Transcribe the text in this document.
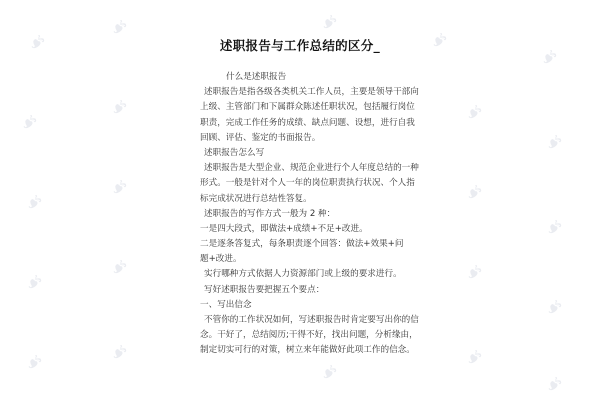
☙
☙	☙
☙
☙
☙
☙	☙
☙
☙
☙	☙
☙
☙
☙	☙
☙
☙	☙
☙
☙
☙
述职报告与工作总结的区分_
什么是述职报告
述职报告是指各级各类机关工作人员，主要是领导干部向
上级、主管部门和下属群众陈述任职状况，包括履行岗位
职责，完成工作任务的成绩、缺点问题、设想，进行自我
回顾、评估、鉴定的书面报告。
述职报告怎么写
述职报告是大型企业、规范企业进行个人年度总结的一种
形式。一般是针对个人一年的岗位职责执行状况、个人指
标完成状况进行总结性答复。
述职报告的写作方式一般为 2 种：
一是四大段式，即做法+成绩+不足+改进。
二是逐条答复式，每条职责逐个回答：做法+效果+问
题+改进。
实行哪种方式依据人力资源部门或上级的要求进行。
写好述职报告要把握五个要点：
一、写出信念
不管你的工作状况如何，写述职报告时肯定要写出你的信
念。干好了，总结阅历;干得不好，找出问题，分析缘由，
制定切实可行的对策，树立来年能做好此项工作的信念。
